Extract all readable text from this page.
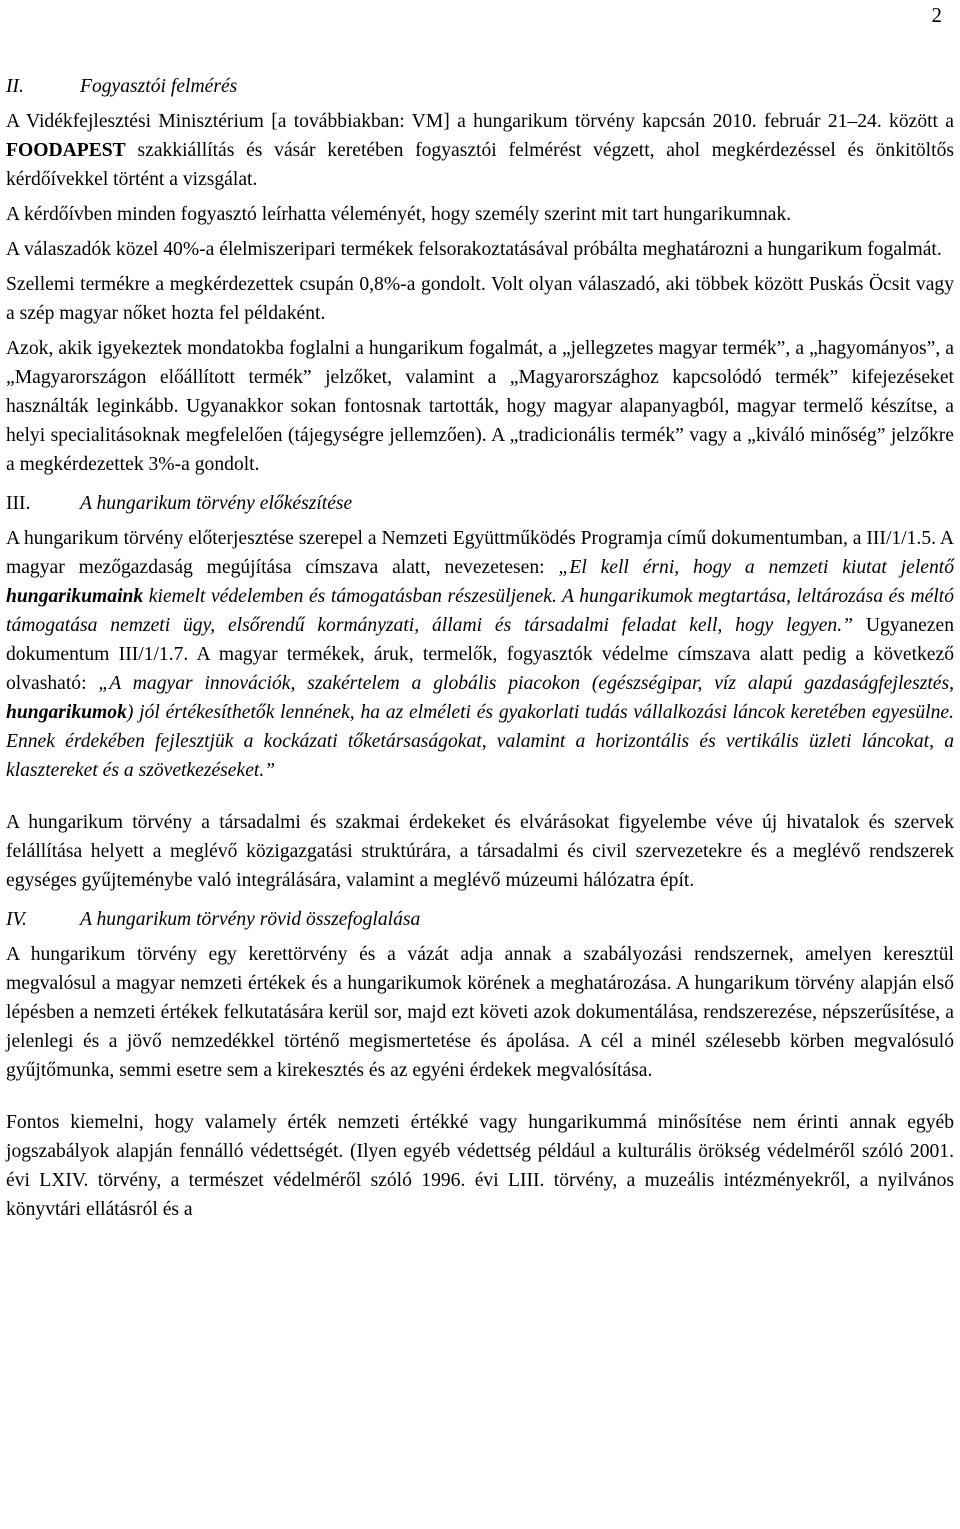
2
II.	Fogyasztói felmérés

A Vidékfejlesztési Minisztérium [a továbbiakban: VM] a hungarikum törvény kapcsán 2010. február 21–24. között a FOODAPEST szakkiállítás és vásár keretében fogyasztói felmérést végzett, ahol megkérdezéssel és önkitöltős kérdőívekkel történt a vizsgálat.

A kérdőívben minden fogyasztó leírhatta véleményét, hogy személy szerint mit tart hungarikumnak.

A válaszadók közel 40%-a élelmiszeripari termékek felsorakoztatásával próbálta meghatározni a hungarikum fogalmát.

Szellemi termékre a megkérdezettek csupán 0,8%-a gondolt. Volt olyan válaszadó, aki többek között Puskás Öcsit vagy a szép magyar nőket hozta fel példaként.

Azok, akik igyekeztek mondatokba foglalni a hungarikum fogalmát, a „jellegzetes magyar termék”, a „hagyományos”, a „Magyarországon előállított termék” jelzőket, valamint a „Magyarországhoz kapcsolódó termék” kifejezéseket használták leginkább. Ugyanakkor sokan fontosnak tartották, hogy magyar alapanyagból, magyar termelő készítse, a helyi specialitásoknak megfelelően (tájegységre jellemzően). A „tradicionális termék” vagy a „kiváló minőség” jelzőkre a megkérdezettek 3%-a gondolt.

III.	A hungarikum törvény előkészítése

A hungarikum törvény előterjesztése szerepel a Nemzeti Együttműködés Programja című dokumentumban, a III/1/1.5. A magyar mezőgazdaság megújítása címszava alatt, nevezetesen: „El kell érni, hogy a nemzeti kiutat jelentő hungarikumaink kiemelt védelemben és támogatásban részesüljenek. A hungarikumok megtartása, leltározása és méltó támogatása nemzeti ügy, elsőrendű kormányzati, állami és társadalmi feladat kell, hogy legyen.” Ugyanezen dokumentum III/1/1.7. A magyar termékek, áruk, termelők, fogyasztók védelme címszava alatt pedig a következő olvasható: „A magyar innovációk, szakértelem a globális piacokon (egészségipar, víz alapú gazdaságfejlesztés, hungarikumok) jól értékesíthetők lennének, ha az elméleti és gyakorlati tudás vállalkozási láncok keretében egyesülne. Ennek érdekében fejlesztjük a kockázati tőketársaságokat, valamint a horizontális és vertikális üzleti láncokat, a klasztereket és a szövetkezéseket.”

A hungarikum törvény a társadalmi és szakmai érdekeket és elvárásokat figyelembe véve új hivatalok és szervek felállítása helyett a meglévő közigazgatási struktúrára, a társadalmi és civil szervezetekre és a meglévő rendszerek egységes gyűjteménybe való integrálására, valamint a meglévő múzeumi hálózatra épít.

IV.	A hungarikum törvény rövid összefoglalása

A hungarikum törvény egy kerettörvény és a vázát adja annak a szabályozási rendszernek, amelyen keresztül megvalósul a magyar nemzeti értékek és a hungarikumok körének a meghatározása. A hungarikum törvény alapján első lépésben a nemzeti értékek felkutatására kerül sor, majd ezt követi azok dokumentálása, rendszerezése, népszerűsítése, a jelenlegi és a jövő nemzedékkel történő megismertetése és ápolása. A cél a minél szélesebb körben megvalósuló gyűjtőmunka, semmi esetre sem a kirekesztés és az egyéni érdekek megvalósítása.

Fontos kiemelni, hogy valamely érték nemzeti értékké vagy hungarikummá minősítése nem érinti annak egyéb jogszabályok alapján fennálló védettségét. (Ilyen egyéb védettség például a kulturális örökség védelméről szóló 2001. évi LXIV. törvény, a természet védelméről szóló 1996. évi LIII. törvény, a muzeális intézményekről, a nyilvános könyvtári ellátásról és a
